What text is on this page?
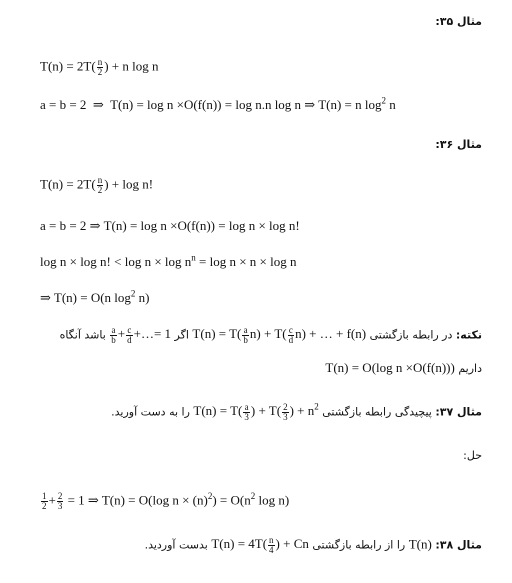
مثال ۳۵:
$T(n) = 2T( \frac{n}{2}$ ) + n log n
a = b = 2  ⇒  T(n) = log n ×O(f(n)) = log n.n log n ⇒ T(n) = n $\log^2 n$
مثال ۳۶:
$T(n) = 2T( \frac{n}{2}$ ) + log n!
a = b = 2 ⇒ T(n) = log n ×O(f(n)) = log n × log n!
log n × log n! < $\log n \times \log n^n = \log n \times n \times \log n$
⇒ T(n) = O(n $\log^2 n$)
نکته: در رابطه بازگشتی $T(n) = T( \frac{a}{b} n) + T( \frac{c}{d} n)$ + … + f(n) اگر
$\frac{a}{b} + \frac{c}{d}$ +…= 1 باشد آنگاه
داریم T(n) = O(log n ×O(f(n)))
مثال ۳۷: پیچیدگی رابطه بازگشتی $T(n) = T( \frac{a}{3}$ ) + $T( \frac{2}{3}$ ) + $n^2$ را به دست آورید.
حل:
$\frac{1}{2} + \frac{2}{3} = 1$ ⇒ T(n) = O(log $n \times (n)^2) = O(n^2$ log n)
مثال ۳۸: T(n) را از رابطه بازگشتی $T(n) = 4T( \frac{n}{4}$ ) + Cn بدست آوردید.
